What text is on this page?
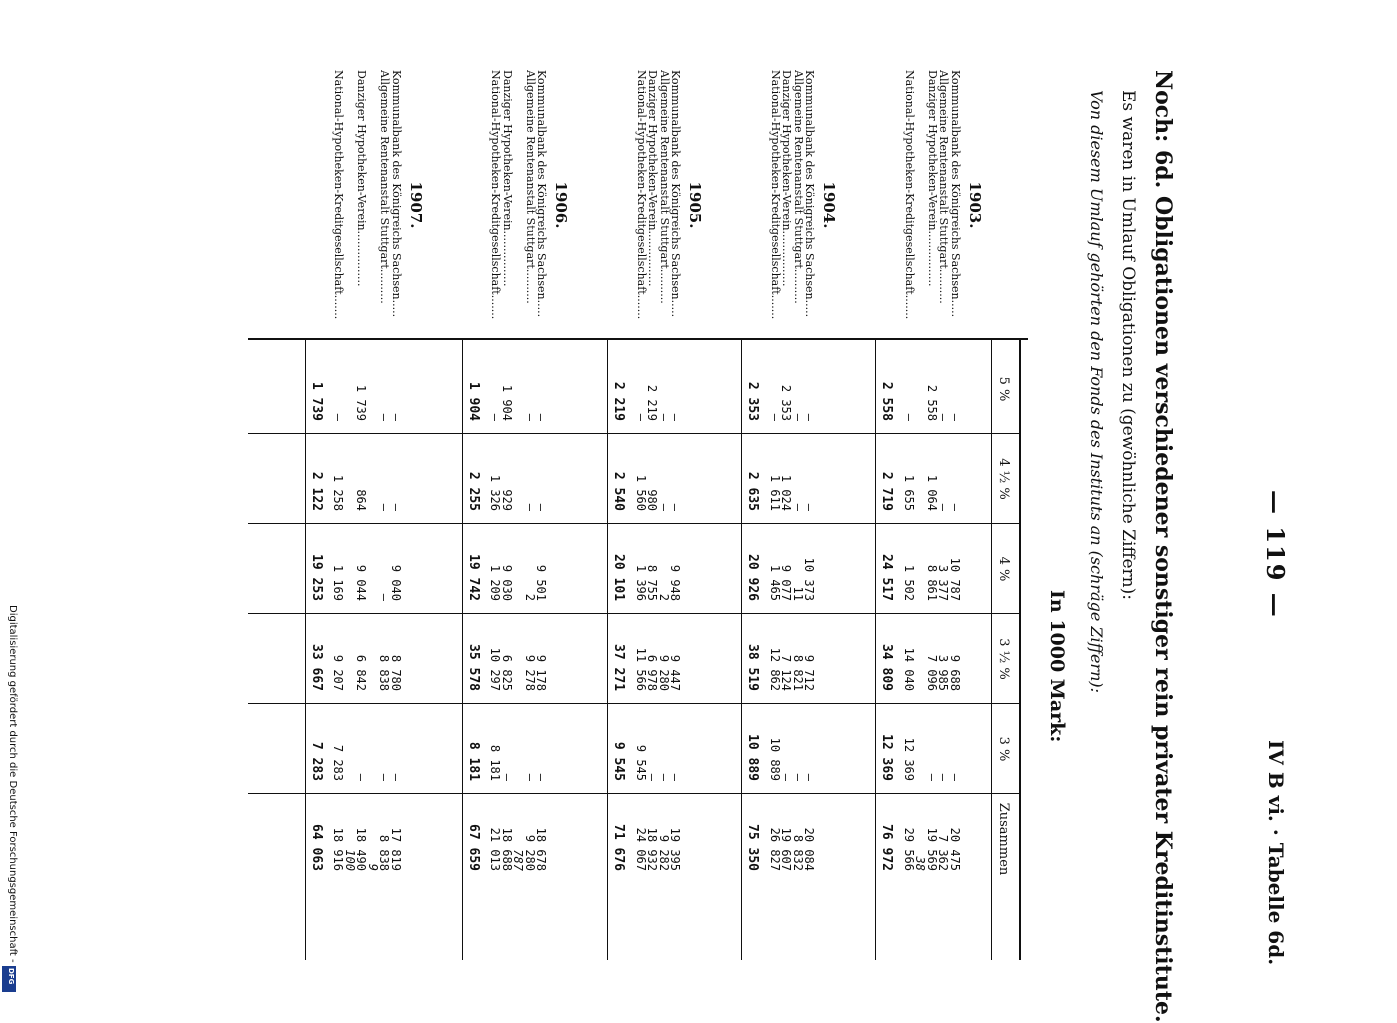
— 119 —
IV B vi. · Tabelle 6d.
Noch: 6d. Obligationen verschiedener sonstiger rein privater Kreditinstitute.
Es waren in Umlauf Obligationen zu (gewöhnliche Ziffern):
Von diesem Umlauf gehörten den Fonds des Instituts an (schräge Ziffern):
In 1000 Mark:
5 %
4 ½ %
4 %
3 ½ %
3 %
Zusammen
1903.
Kommunalbank des Königreichs Sachsen.....
—
—
10 787
9 688
—
20 475
Allgemeine Rentenanstalt Stuttgart..........
—
—
3 377
3 985
—
7 362
Danziger Hypotheken-Verein................
2 558
1 064
8 861
7 096
—
19 569
38
National-Hypotheken-Kreditgesellschaft.......
—
1 655
1 502
14 040
12 369
29 566
2 558
2 719
24 517
34 809
12 369
76 972
1904.
Kommunalbank des Königreichs Sachsen.....
—
—
10 373
9 712
—
20 084
Allgemeine Rentenanstalt Stuttgart..........
—
—
11
8 821
—
8 832
Danziger Hypotheken-Verein................
2 353
1 024
9 077
7 124
—
19 607
National-Hypotheken-Kreditgesellschaft.......
—
1 611
1 465
12 862
10 889
26 827
2 353
2 635
20 926
38 519
10 889
75 350
1905.
Kommunalbank des Königreichs Sachsen.....
—
—
9 948
9 447
—
19 395
Allgemeine Rentenanstalt Stuttgart..........
—
—
2
9 280
—
9 282
Danziger Hypotheken-Verein................
2 219
980
8 755
6 978
—
18 932
National-Hypotheken-Kreditgesellschaft.......
—
1 560
1 396
11 566
9 545
24 067
2 219
2 540
20 101
37 271
9 545
71 676
1906.
Kommunalbank des Königreichs Sachsen.....
—
—
9 501
9 178
—
18 678
Allgemeine Rentenanstalt Stuttgart..........
—
—
2
9 278
—
9 280
787
Danziger Hypotheken-Verein................
1 904
929
9 030
6 825
—
18 688
National-Hypotheken-Kreditgesellschaft.......
—
1 326
1 209
10 297
8 181
21 013
1 904
2 255
19 742
35 578
8 181
67 659
1907.
Kommunalbank des Königreichs Sachsen.....
—
—
9 040
8 780
—
17 819
Allgemeine Rentenanstalt Stuttgart..........
—
—
—
8 838
—
8 838
9
Danziger Hypotheken-Verein................
1 739
864
9 044
6 842
—
18 490
100
National-Hypotheken-Kreditgesellschaft.......
—
1 258
1 169
9 207
7 283
18 916
1 739
2 122
19 253
33 667
7 283
64 063
Digitalisierung gefördert durch die Deutsche Forschungsgemeinschaft -
DFG
